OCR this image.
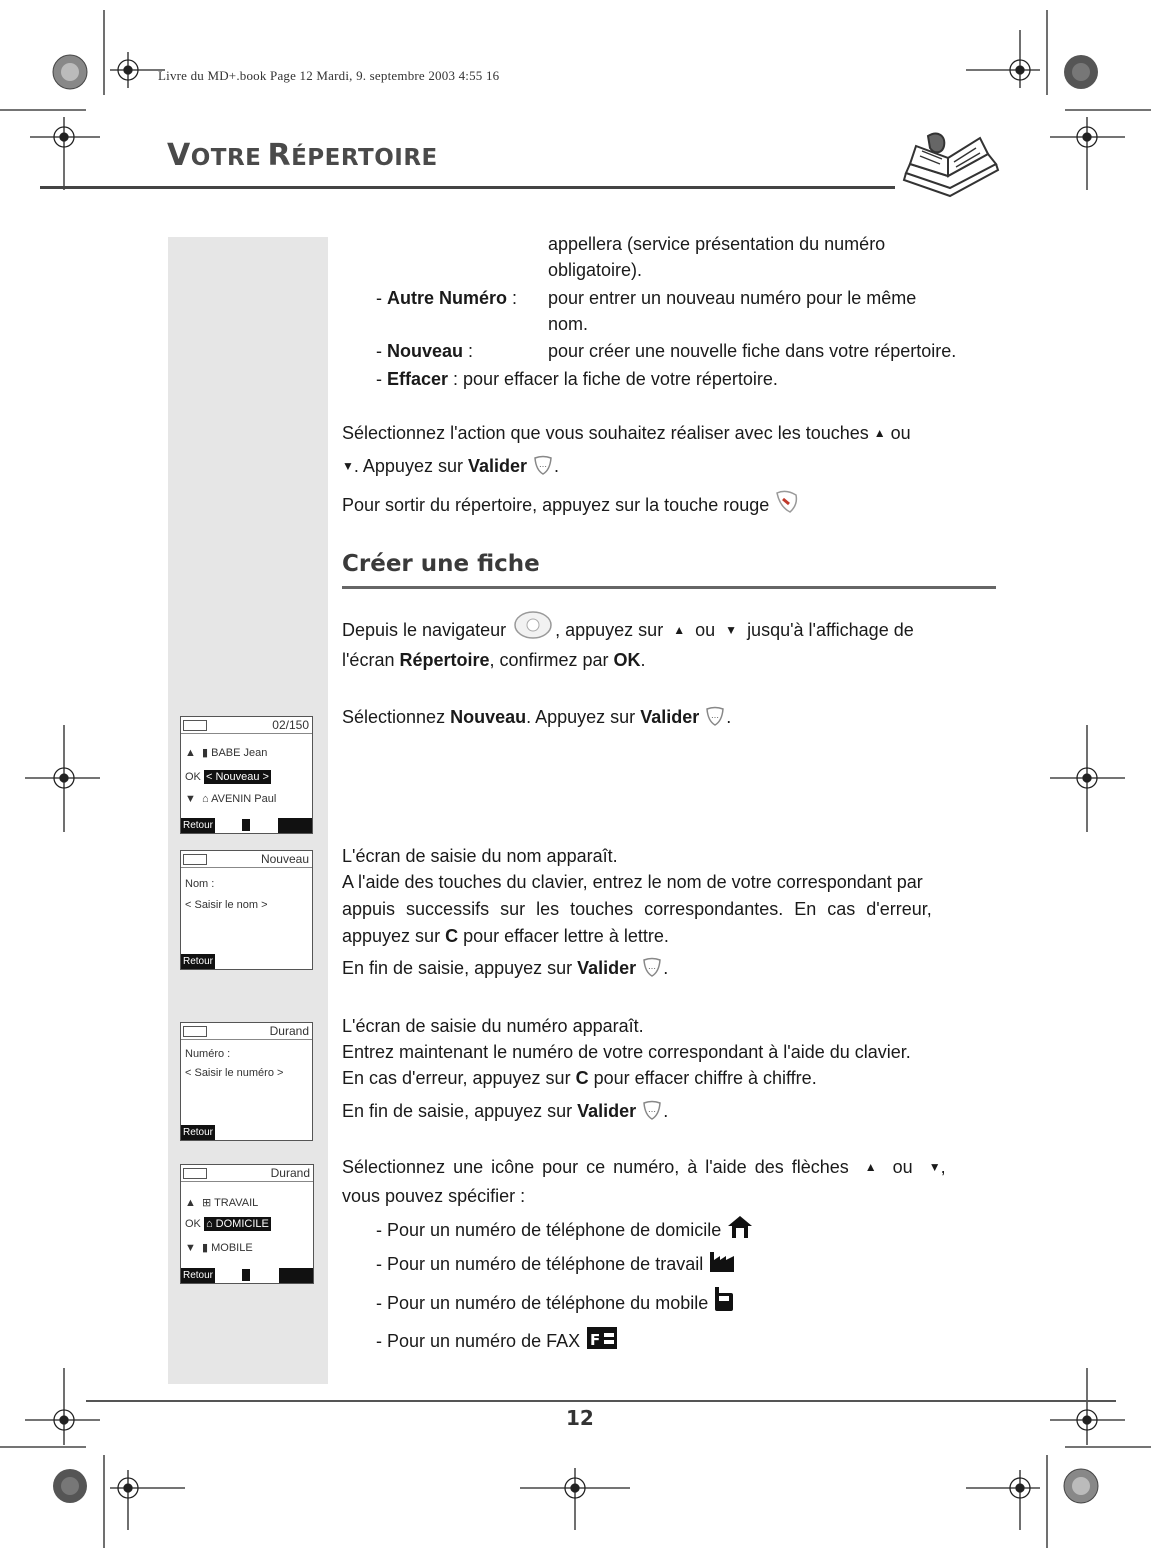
Livre du MD+.book Page 12 Mardi, 9. septembre 2003 4:55 16
VOTRE RÉPERTOIRE
appellera (service présentation du numéro
obligatoire).
- Autre Numéro : pour entrer un nouveau numéro pour le même
nom.
- Nouveau :	pour créer une nouvelle fiche dans votre répertoire.
- Effacer : pour effacer la fiche de votre répertoire.
Sélectionnez l'action que vous souhaitez réaliser avec les touches ▲ ou
▼. Appuyez sur Valider … .
Pour sortir du répertoire, appuyez sur la touche rouge
Créer une fiche
Depuis le navigateur	, appuyez sur ▲ ou ▼ jusqu'à l'affichage de
l'écran Répertoire, confirmez par OK.
Sélectionnez Nouveau. Appuyez sur Valider … .
L'écran de saisie du nom apparaît.
A l'aide des touches du clavier, entrez le nom de votre correspondant par
appuis successifs sur les touches correspondantes. En cas d'erreur,
appuyez sur C pour effacer lettre à lettre.
En fin de saisie, appuyez sur Valider … .
L'écran de saisie du numéro apparaît.
Entrez maintenant le numéro de votre correspondant à l'aide du clavier.
En cas d'erreur, appuyez sur C pour effacer chiffre à chiffre.
En fin de saisie, appuyez sur Valider … .
Sélectionnez une icône pour ce numéro, à l'aide des flèches ▲ ou ▼,
vous pouvez spécifier :
- Pour un numéro de téléphone de domicile
- Pour un numéro de téléphone de travail
- Pour un numéro de téléphone du mobile
- Pour un numéro de FAX F
02/150
▲  ▮ BABE Jean
OK < Nouveau >
▼  ⌂ AVENIN Paul
Retour
Nouveau
Nom :
< Saisir le nom >
Retour
Durand
Numéro :
< Saisir le numéro >
Retour
Durand
▲  ⊞ TRAVAIL
OK ⌂ DOMICILE
▼  ▮ MOBILE
Retour
12
